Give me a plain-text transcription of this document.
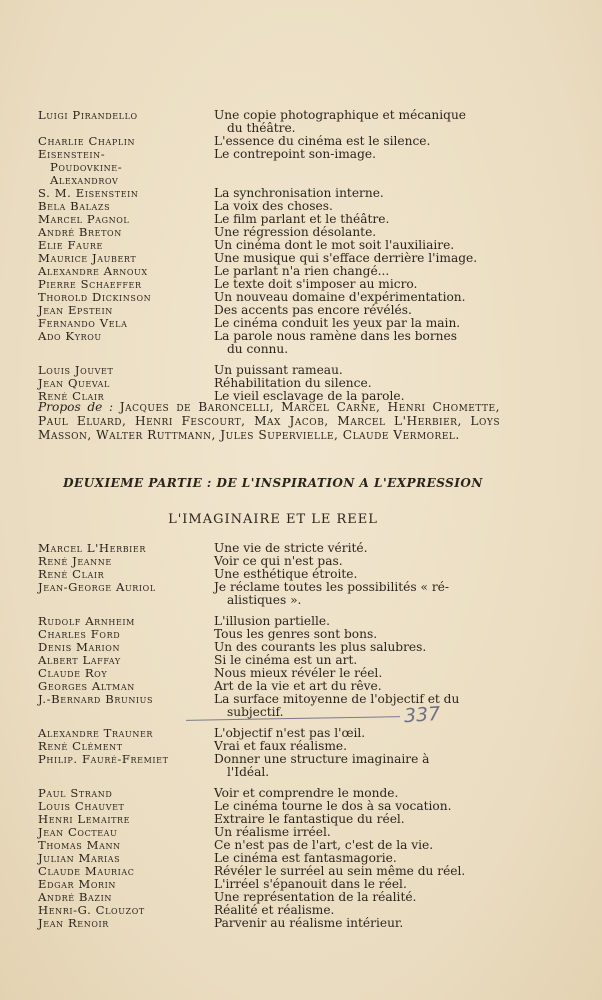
Luigi Pirandello	Une copie photographique et mécanique
du théâtre.
Charlie Chaplin	L'essence du cinéma est le silence.
Eisenstein-

Poudovkine-
Alexandrov
Le contrepoint son-image.
S. M. Eisenstein	La synchronisation interne.
Bela Balazs	La voix des choses.
Marcel Pagnol	Le film parlant et le théâtre.
André Breton	Une régression désolante.
Elie Faure	Un cinéma dont le mot soit l'auxiliaire.
Maurice Jaubert	Une musique qui s'efface derrière l'image.
Alexandre Arnoux	Le parlant n'a rien changé...
Pierre Schaeffer	Le texte doit s'imposer au micro.
Thorold Dickinson	Un nouveau domaine d'expérimentation.
Jean Epstein	Des accents pas encore révélés.
Fernando Vela	Le cinéma conduit les yeux par la main.
Ado Kyrou	La parole nous ramène dans les bornes
du connu.
Louis Jouvet	Un puissant rameau.
Jean Queval	Réhabilitation du silence.
René Clair	Le vieil esclavage de la parole.
Propos de : Jacques de Baroncelli, Marcel Carne, Henri Chomette, Paul Eluard, Henri Fescourt, Max Jacob, Marcel L'Herbier, Loys Masson, Walter Ruttmann, Jules Supervielle, Claude Vermorel.
DEUXIEME PARTIE : DE L'INSPIRATION A L'EXPRESSION
L'IMAGINAIRE ET LE REEL
Marcel L'Herbier	Une vie de stricte vérité.
René Jeanne	Voir ce qui n'est pas.
René Clair	Une esthétique étroite.
Jean-George Auriol	Je réclame toutes les possibilités « ré-
alistiques ».
Rudolf Arnheim	L'illusion partielle.
Charles Ford	Tous les genres sont bons.
Denis Marion	Un des courants les plus salubres.
Albert Laffay	Si le cinéma est un art.
Claude Roy	Nous mieux révéler le réel.
Georges Altman	Art de la vie et art du rêve.
J.-Bernard Brunius	La surface mitoyenne de l'objectif et du
subjectif.
Alexandre Trauner	L'objectif n'est pas l'œil.
René Clément	Vrai et faux réalisme.
Philip. Fauré-Fremiet	Donner une structure imaginaire à
l'Idéal.
Paul Strand	Voir et comprendre le monde.
Louis Chauvet	Le cinéma tourne le dos à sa vocation.
Henri Lemaitre	Extraire le fantastique du réel.
Jean Cocteau	Un réalisme irréel.
Thomas Mann	Ce n'est pas de l'art, c'est de la vie.
Julian Marias	Le cinéma est fantasmagorie.
Claude Mauriac	Révéler le surréel au sein même du réel.
Edgar Morin	L'irréel s'épanouit dans le réel.
André Bazin	Une représentation de la réalité.
Henri-G. Clouzot	Réalité et réalisme.
Jean Renoir	Parvenir au réalisme intérieur.
337
